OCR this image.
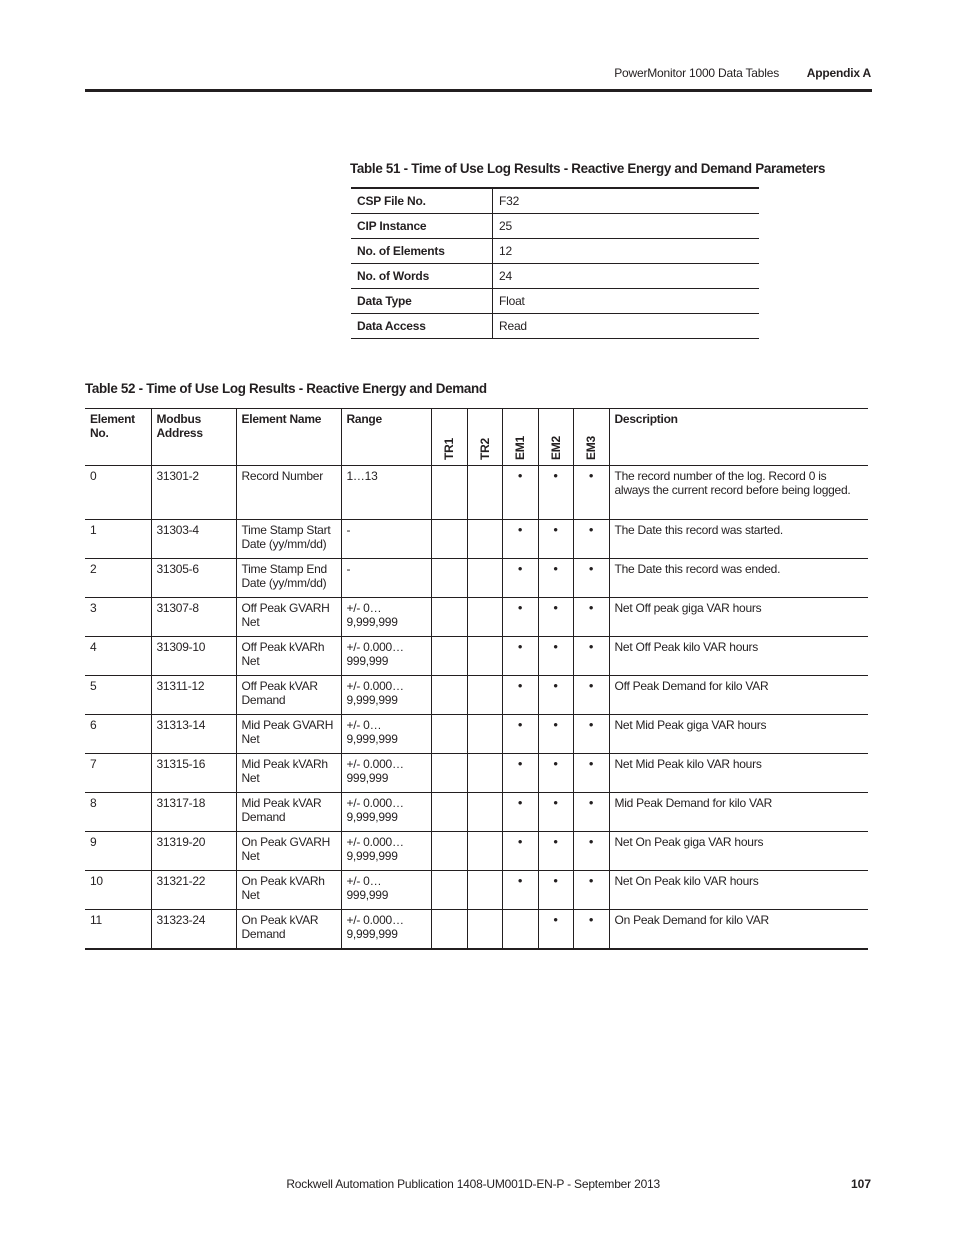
PowerMonitor 1000 Data Tables Appendix A
Table 51 - Time of Use Log Results - Reactive Energy and Demand Parameters
CSP File No.	F32
CIP Instance	25
No. of Elements	12
No. of Words	24
Data Type	Float
Data Access	Read
Table 52 - Time of Use Log Results - Reactive Energy and Demand
Element No.	Modbus Address	Element Name	Range	TR1	TR2	EM1	EM2	EM3	Description
0	31301-2	Record Number	1…13			•	•	•	The record number of the log. Record 0 is always the current record before being logged.
1	31303-4	Time Stamp Start Date (yy/mm/dd)	-			•	•	•	The Date this record was started.
2	31305-6	Time Stamp End Date (yy/mm/dd)	-			•	•	•	The Date this record was ended.
3	31307-8	Off Peak GVARH Net	+/- 0… 9,999,999			•	•	•	Net Off peak giga VAR hours
4	31309-10	Off Peak kVARh Net	+/- 0.000… 999,999			•	•	•	Net Off Peak kilo VAR hours
5	31311-12	Off Peak kVAR Demand	+/- 0.000… 9,999,999			•	•	•	Off Peak Demand for kilo VAR
6	31313-14	Mid Peak GVARH Net	+/- 0… 9,999,999			•	•	•	Net Mid Peak giga VAR hours
7	31315-16	Mid Peak kVARh Net	+/- 0.000… 999,999			•	•	•	Net Mid Peak kilo VAR hours
8	31317-18	Mid Peak kVAR Demand	+/- 0.000… 9,999,999			•	•	•	Mid Peak Demand for kilo VAR
9	31319-20	On Peak GVARH Net	+/- 0.000… 9,999,999			•	•	•	Net On Peak giga VAR hours
10	31321-22	On Peak kVARh Net	+/- 0… 999,999			•	•	•	Net On Peak kilo VAR hours
11	31323-24	On Peak kVAR Demand	+/- 0.000… 9,999,999				•	•	On Peak Demand for kilo VAR
Rockwell Automation Publication 1408-UM001D-EN-P - September 2013	107
